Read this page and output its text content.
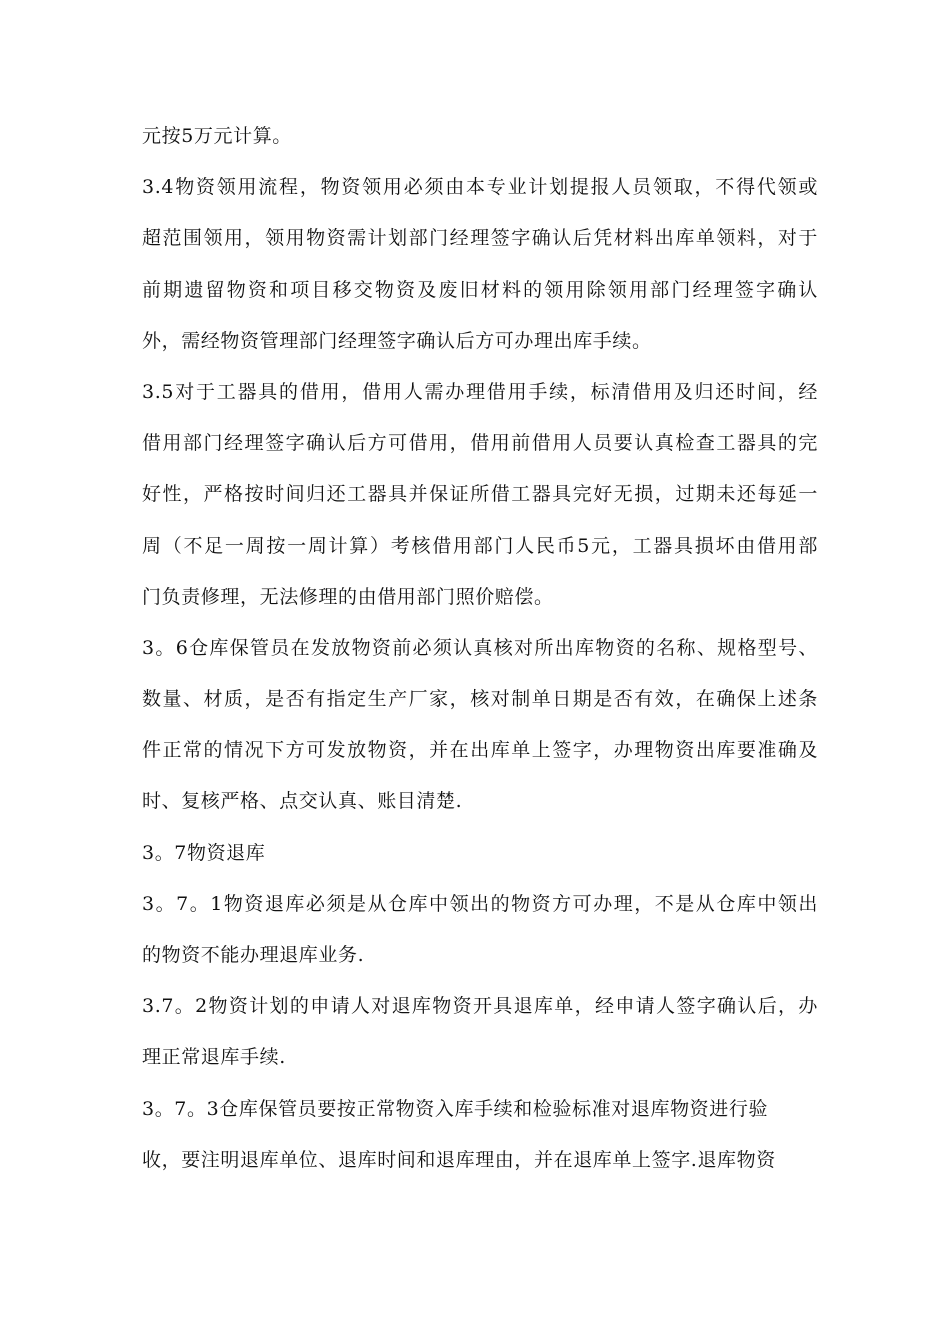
元按5万元计算。
3.4物资领用流程，物资领用必须由本专业计划提报人员领取，不得代领或
超范围领用，领用物资需计划部门经理签字确认后凭材料出库单领料，对于
前期遗留物资和项目移交物资及废旧材料的领用除领用部门经理签字确认
外，需经物资管理部门经理签字确认后方可办理出库手续。
3.5对于工器具的借用，借用人需办理借用手续，标清借用及归还时间，经
借用部门经理签字确认后方可借用，借用前借用人员要认真检查工器具的完
好性，严格按时间归还工器具并保证所借工器具完好无损，过期未还每延一
周（不足一周按一周计算）考核借用部门人民币5元，工器具损坏由借用部
门负责修理，无法修理的由借用部门照价赔偿。
3。6仓库保管员在发放物资前必须认真核对所出库物资的名称、规格型号、
数量、材质，是否有指定生产厂家，核对制单日期是否有效，在确保上述条
件正常的情况下方可发放物资，并在出库单上签字，办理物资出库要准确及
时、复核严格、点交认真、账目清楚.
3。7物资退库
3。7。1物资退库必须是从仓库中领出的物资方可办理，不是从仓库中领出
的物资不能办理退库业务.
3.7。2物资计划的申请人对退库物资开具退库单，经申请人签字确认后，办
理正常退库手续.
3。7。3仓库保管员要按正常物资入库手续和检验标准对退库物资进行验
收，要注明退库单位、退库时间和退库理由，并在退库单上签字.退库物资
